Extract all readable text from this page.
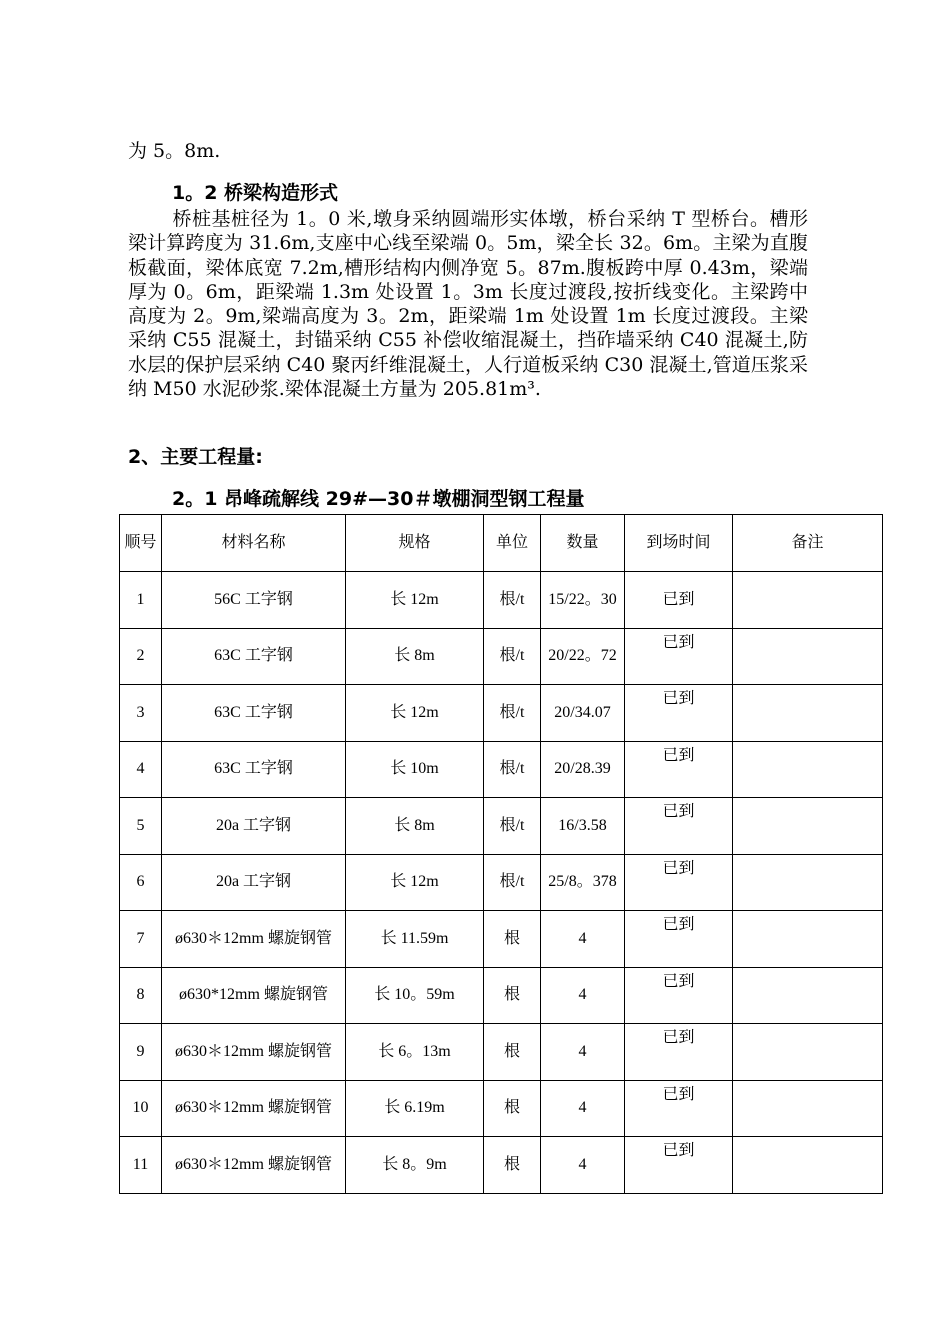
为 5。8m.
1。2 桥梁构造形式
桥桩基桩径为 1。0 米,墩身采纳圆端形实体墩，桥台采纳 T 型桥台。槽形梁计算跨度为 31.6m,支座中心线至梁端 0。5m，梁全长 32。6m。主梁为直腹板截面，梁体底宽 7.2m,槽形结构内侧净宽 5。87m.腹板跨中厚 0.43m，梁端厚为 0。6m，距梁端 1.3m 处设置 1。3m 长度过渡段,按折线变化。主梁跨中高度为 2。9m,梁端高度为 3。2m，距梁端 1m 处设置 1m 长度过渡段。主梁采纳 C55 混凝土，封锚采纳 C55 补偿收缩混凝土，挡砟墙采纳 C40 混凝土,防水层的保护层采纳 C40 聚丙纤维混凝土，人行道板采纳 C30 混凝土,管道压浆采纳 M50 水泥砂浆.梁体混凝土方量为 205.81m³.
2、主要工程量:
2。1 昂峰疏解线 29#—30＃墩棚洞型钢工程量
顺号	材料名称	规格	单位	数量	到场时间	备注
1	56C 工字钢	长 12m	根/t	15/22。30	已到	
2	63C 工字钢	长 8m	根/t	20/22。72	已到	
3	63C 工字钢	长 12m	根/t	20/34.07	已到	
4	63C 工字钢	长 10m	根/t	20/28.39	已到	
5	20a 工字钢	长 8m	根/t	16/3.58	已到	
6	20a 工字钢	长 12m	根/t	25/8。378	已到	
7	ø630＊12mm 螺旋钢管	长 11.59m	根	4	已到	
8	ø630*12mm 螺旋钢管	长 10。59m	根	4	已到	
9	ø630＊12mm 螺旋钢管	长 6。13m	根	4	已到	
10	ø630＊12mm 螺旋钢管	长 6.19m	根	4	已到	
11	ø630＊12mm 螺旋钢管	长 8。9m	根	4	已到	
